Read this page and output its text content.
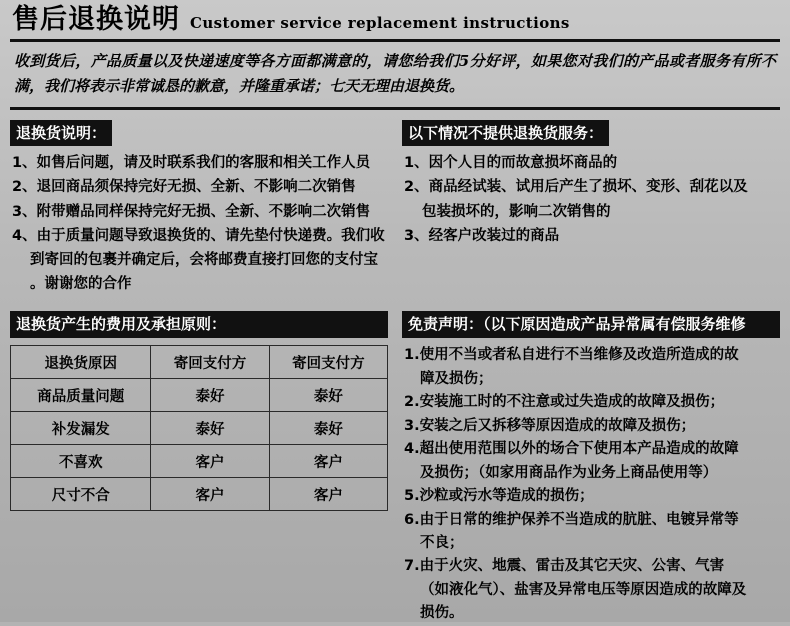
售后退换说明 Customer service replacement instructions
收到货后，产品质量以及快递速度等各方面都满意的，请您给我们5分好评，如果您对我们的产品或者服务有所不满，我们将表示非常诚恳的歉意，并隆重承诺；七天无理由退换货。
退换货说明：
1、 如售后问题，请及时联系我们的客服和相关工作人员
2、 退回商品须保持完好无损、全新、不影响二次销售
3、 附带赠品同样保持完好无损、全新、不影响二次销售
4、 由于质量问题导致退换货的、请先垫付快递费。我们收
到寄回的包裹并确定后，会将邮费直接打回您的支付宝
。谢谢您的合作
以下情况不提供退换货服务：
1、 因个人目的而故意损坏商品的
2、 商品经试装、试用后产生了损坏、变形、刮花以及
包装损坏的，影响二次销售的
3、 经客户改装过的商品
退换货产生的费用及承担原则：
退换货原因	寄回支付方	寄回支付方
商品质量问题	泰好	泰好
补发漏发	泰好	泰好
不喜欢	客户	客户
尺寸不合	客户	客户
免责声明：（以下原因造成产品异常属有偿服务维修
1. 使用不当或者私自进行不当维修及改造所造成的故
障及损伤；
2. 安装施工时的不注意或过失造成的故障及损伤；
3. 安装之后又拆移等原因造成的故障及损伤；
4. 超出使用范围以外的场合下使用本产品造成的故障
及损伤；（如家用商品作为业务上商品使用等）
5. 沙粒或污水等造成的损伤；
6. 由于日常的维护保养不当造成的肮脏、电镀异常等
不良；
7. 由于火灾、地震、雷击及其它天灾、公害、气害
（如液化气）、盐害及异常电压等原因造成的故障及
损伤。
